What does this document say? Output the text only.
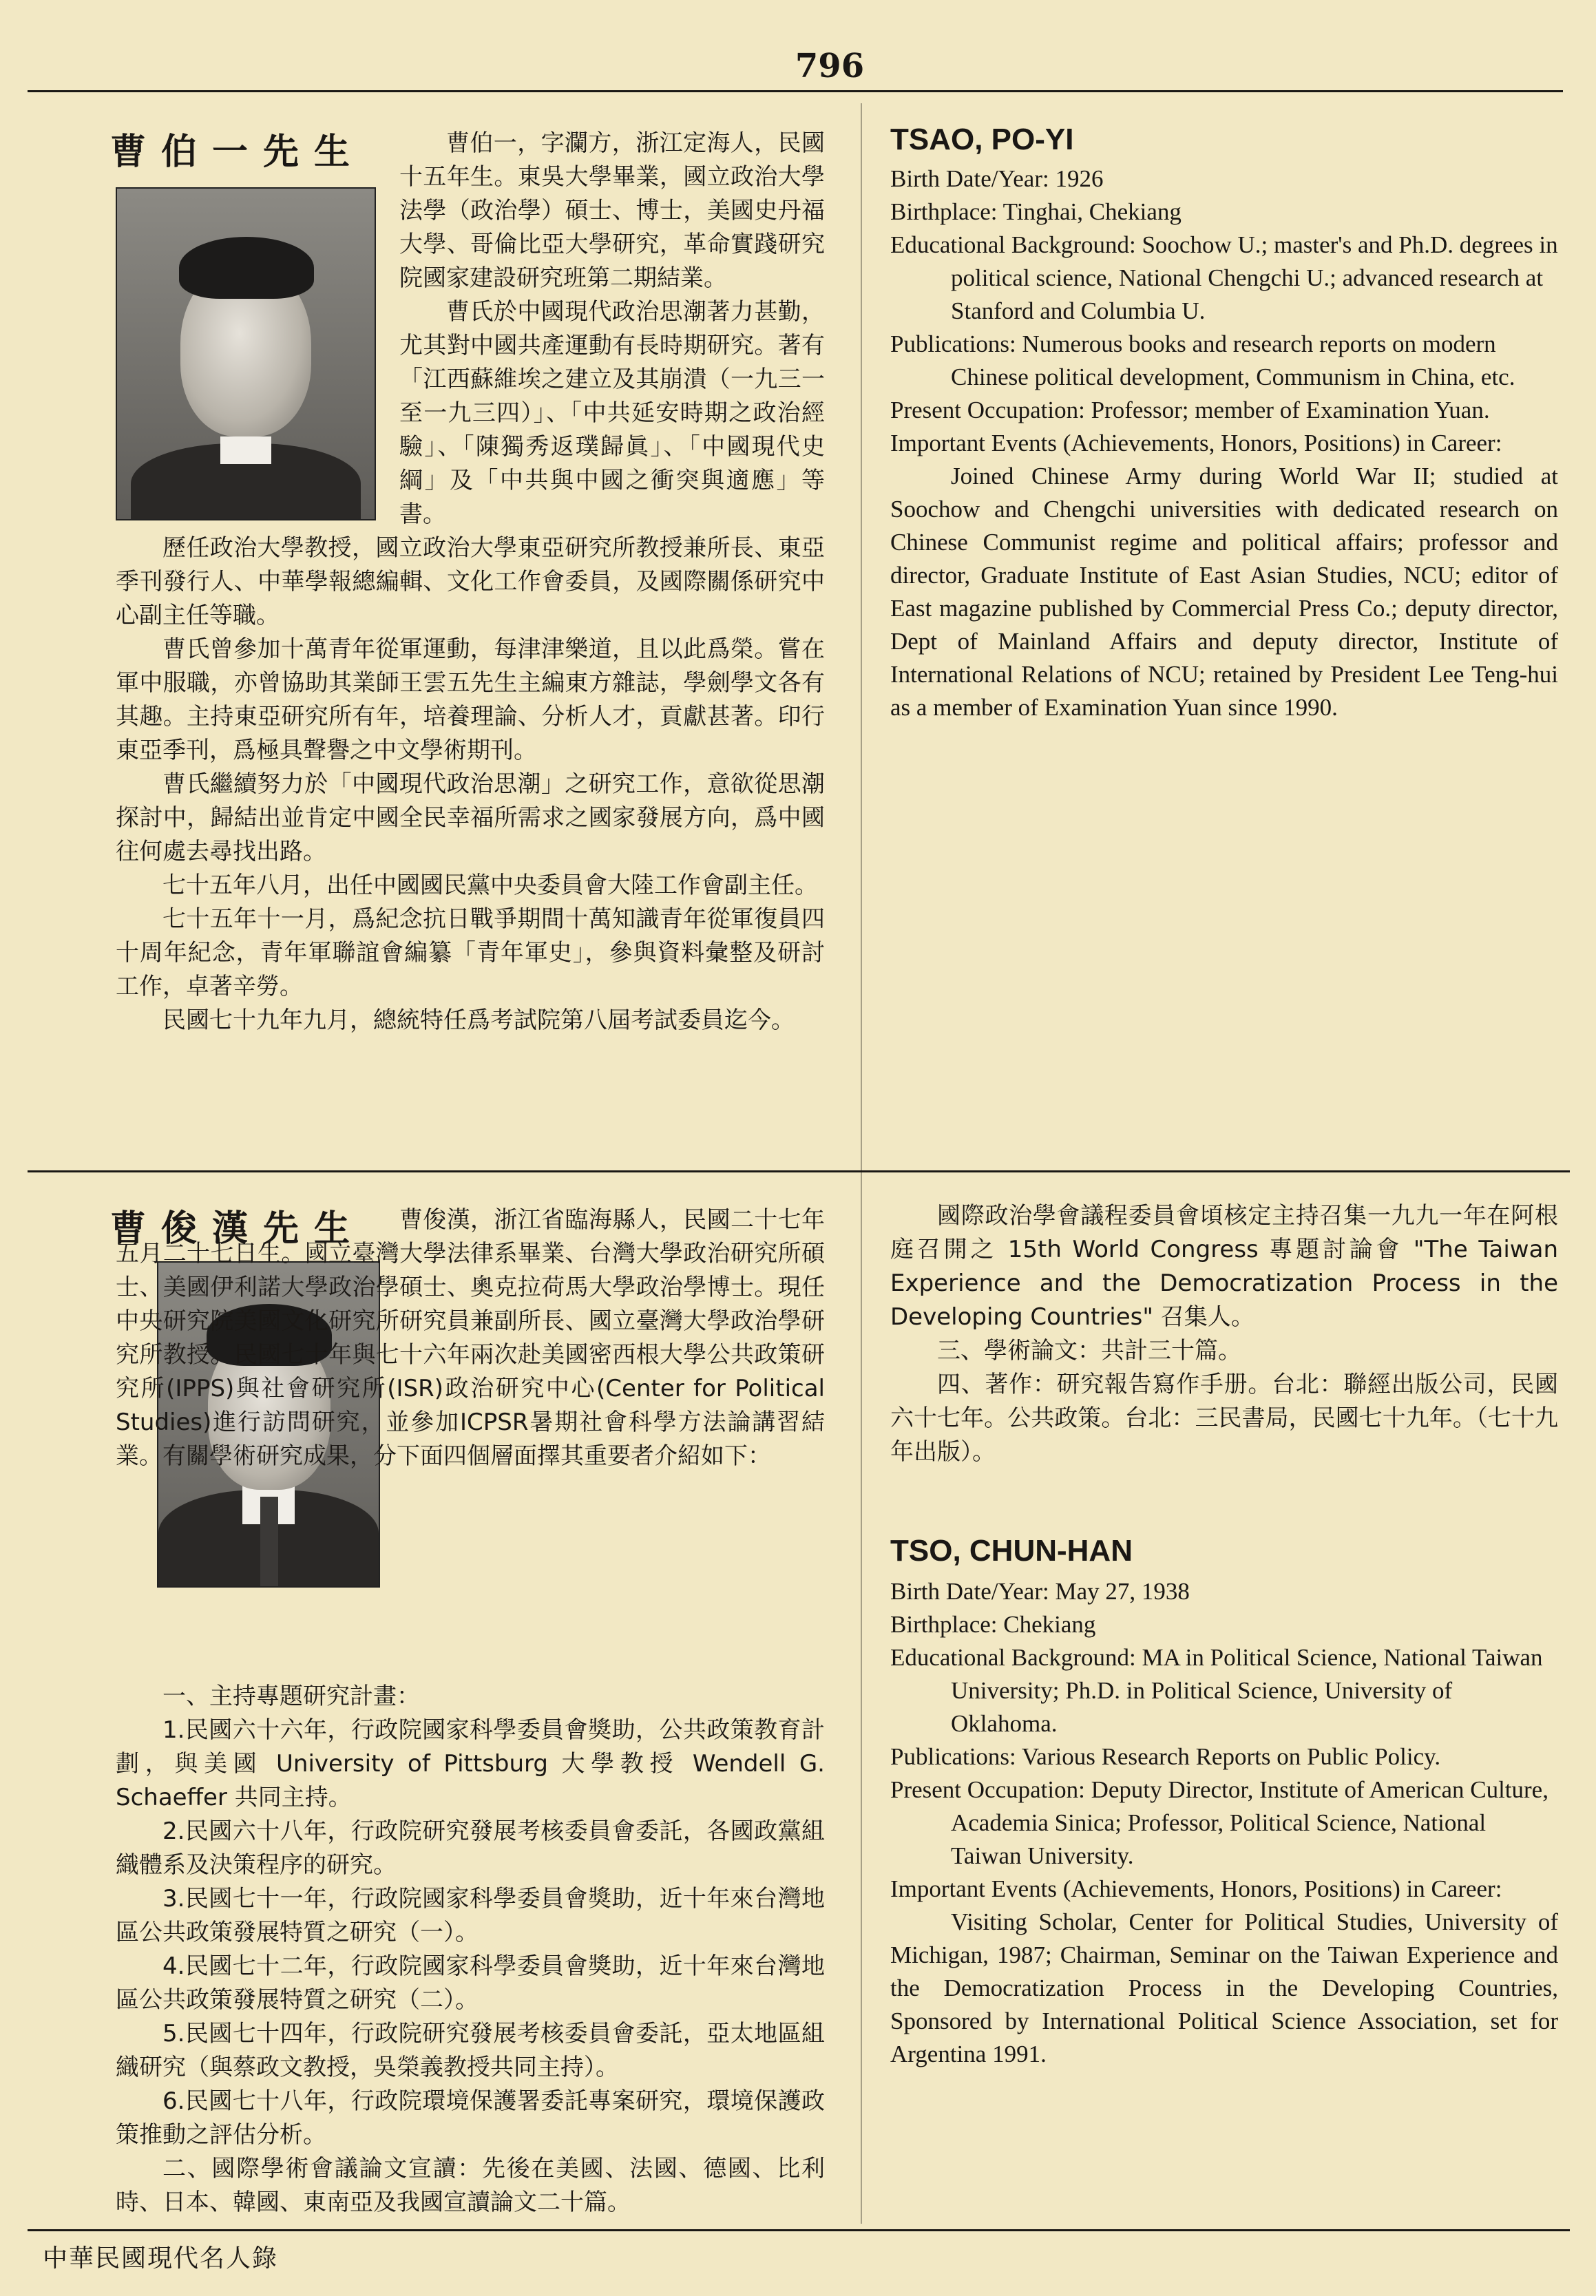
796
曹伯一先生	曹伯一，字瀾方，浙江定海人，民國十五年生。東吳大學畢業，國立政治大學法學（政治學）碩士、博士，美國史丹福大學、哥倫比亞大學研究，革命實踐研究院國家建設研究班第二期結業。

曹氏於中國現代政治思潮著力甚勤，尤其對中國共產運動有長時期研究。著有「江西蘇維埃之建立及其崩潰（一九三一至一九三四）」、「中共延安時期之政治經驗」、「陳獨秀返璞歸眞」、「中國現代史綱」及「中共與中國之衝突與適應」等書。

歷任政治大學教授，國立政治大學東亞研究所教授兼所長、東亞季刊發行人、中華學報總編輯、文化工作會委員，及國際關係研究中心副主任等職。

曹氏曾參加十萬青年從軍運動，每津津樂道，且以此爲榮。嘗在軍中服職，亦曾協助其業師王雲五先生主編東方雜誌，學劍學文各有其趣。主持東亞研究所有年，培養理論、分析人才，貢獻甚著。印行東亞季刊，爲極具聲譽之中文學術期刊。

曹氏繼續努力於「中國現代政治思潮」之研究工作，意欲從思潮探討中，歸結出並肯定中國全民幸福所需求之國家發展方向，爲中國往何處去尋找出路。

七十五年八月，出任中國國民黨中央委員會大陸工作會副主任。

七十五年十一月，爲紀念抗日戰爭期間十萬知識青年從軍復員四十周年紀念，青年軍聯誼會編纂「青年軍史」，參與資料彙整及研討工作，卓著辛勞。

民國七十九年九月，總統特任爲考試院第八屆考試委員迄今。

TSAO, PO-YI

Birth Date/Year: 1926

Birthplace: Tinghai, Chekiang

Educational Background: Soochow U.; master's and Ph.D. degrees in political science, National Chengchi U.; advanced research at Stanford and Columbia U.

Publications: Numerous books and research reports on modern Chinese political development, Communism in China, etc.

Present Occupation: Professor; member of Examination Yuan.

Important Events (Achievements, Honors, Positions) in Career:

Joined Chinese Army during World War II; studied at Soochow and Chengchi universities with dedicated research on Chinese Communist regime and political affairs; professor and director, Graduate Institute of East Asian Studies, NCU; editor of East magazine published by Commercial Press Co.; deputy director, Dept of Mainland Affairs and deputy director, Institute of International Relations of NCU; retained by President Lee Teng-hui as a member of Examination Yuan since 1990.

曹俊漢先生	曹俊漢，浙江省臨海縣人，民國二十七年五月二十七日生。國立臺灣大學法律系畢業、台灣大學政治研究所碩士、美國伊利諾大學政治學碩士、奧克拉荷馬大學政治學博士。現任中央研究院美國文化研究所研究員兼副所長、國立臺灣大學政治學研究所教授。民國七十年與七十六年兩次赴美國密西根大學公共政策研究所(IPPS)與社會研究所(ISR)政治研究中心(Center for Political Studies)進行訪問研究，並參加ICPSR暑期社會科學方法論講習結業。有關學術研究成果，分下面四個層面擇其重要者介紹如下：

一、主持專題研究計畫：

1.民國六十六年，行政院國家科學委員會獎助，公共政策教育計劃，與美國 University of Pittsburg 大學教授 Wendell G. Schaeffer 共同主持。

2.民國六十八年，行政院研究發展考核委員會委託，各國政黨組織體系及決策程序的研究。

3.民國七十一年，行政院國家科學委員會獎助，近十年來台灣地區公共政策發展特質之研究（一）。

4.民國七十二年，行政院國家科學委員會獎助，近十年來台灣地區公共政策發展特質之研究（二）。

5.民國七十四年，行政院研究發展考核委員會委託，亞太地區組織研究（與蔡政文教授，吳榮義教授共同主持）。

6.民國七十八年，行政院環境保護署委託專案研究，環境保護政策推動之評估分析。

二、國際學術會議論文宣讀：先後在美國、法國、德國、比利時、日本、韓國、東南亞及我國宣讀論文二十篇。

國際政治學會議程委員會頃核定主持召集一九九一年在阿根庭召開之 15th World Congress 專題討論會 "The Taiwan Experience and the Democratization Process in the Developing Countries" 召集人。

三、學術論文：共計三十篇。

四、著作：研究報告寫作手册。台北：聯經出版公司，民國六十七年。公共政策。台北：三民書局，民國七十九年。（七十九年出版）。

TSO, CHUN-HAN

Birth Date/Year: May 27, 1938

Birthplace: Chekiang

Educational Background: MA in Political Science, National Taiwan University; Ph.D. in Political Science, University of Oklahoma.

Publications: Various Research Reports on Public Policy.

Present Occupation: Deputy Director, Institute of American Culture, Academia Sinica; Professor, Political Science, National Taiwan University.

Important Events (Achievements, Honors, Positions) in Career:

Visiting Scholar, Center for Political Studies, University of Michigan, 1987; Chairman, Seminar on the Taiwan Experience and the Democratization Process in the Developing Countries, Sponsored by International Political Science Association, set for Argentina 1991.

中華民國現代名人錄
